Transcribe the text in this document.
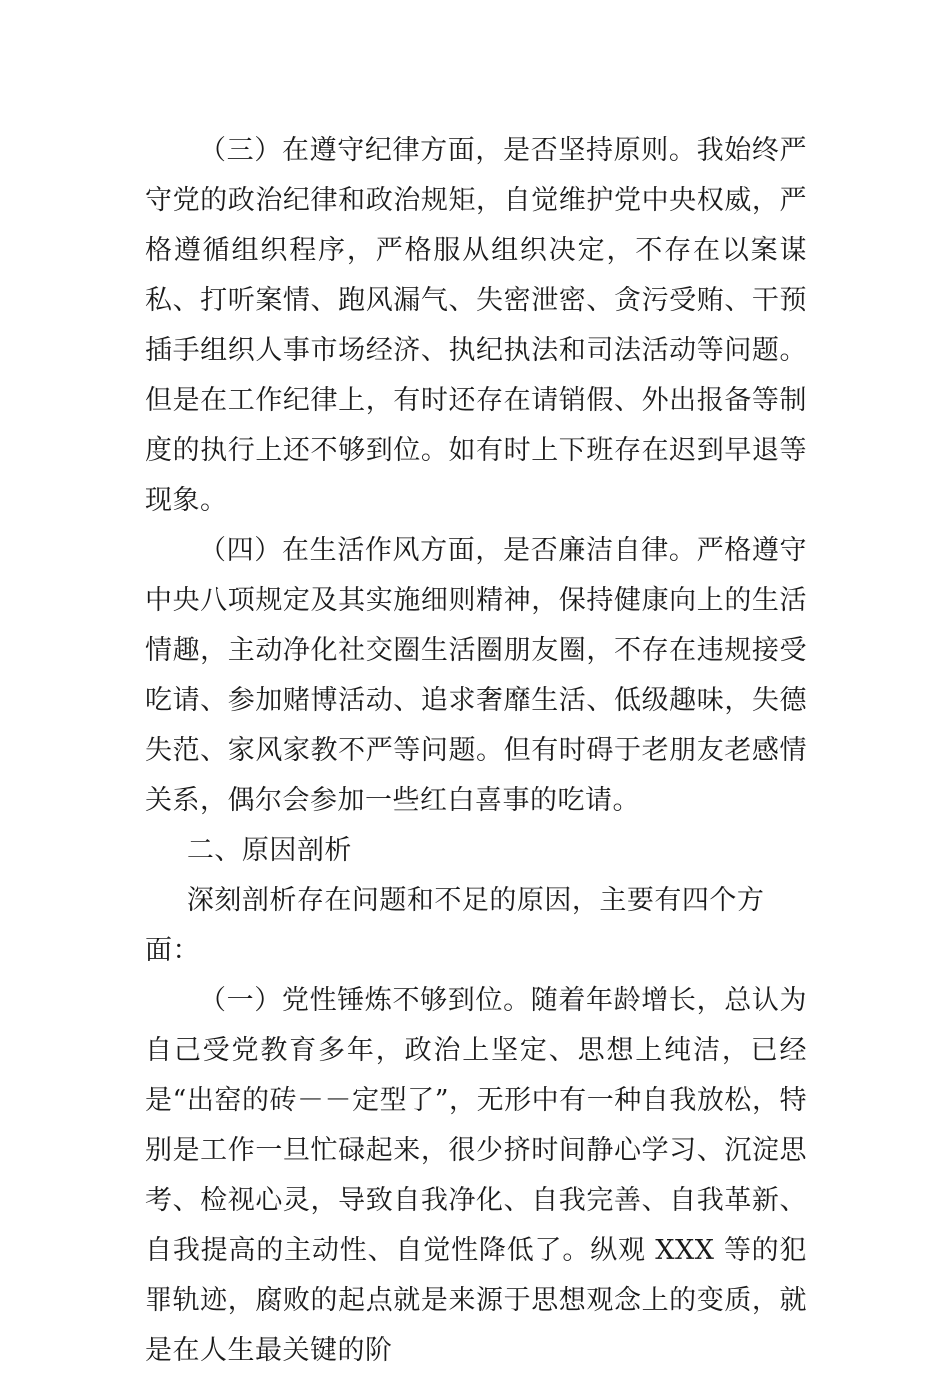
（三）在遵守纪律方面，是否坚持原则。我始终严守党的政治纪律和政治规矩，自觉维护党中央权威，严格遵循组织程序，严格服从组织决定，不存在以案谋私、打听案情、跑风漏气、失密泄密、贪污受贿、干预插手组织人事市场经济、执纪执法和司法活动等问题。但是在工作纪律上，有时还存在请销假、外出报备等制度的执行上还不够到位。如有时上下班存在迟到早退等现象。

（四）在生活作风方面，是否廉洁自律。严格遵守中央八项规定及其实施细则精神，保持健康向上的生活情趣，主动净化社交圈生活圈朋友圈，不存在违规接受吃请、参加赌博活动、追求奢靡生活、低级趣味，失德失范、家风家教不严等问题。但有时碍于老朋友老感情关系，偶尔会参加一些红白喜事的吃请。

二、原因剖析

深刻剖析存在问题和不足的原因，主要有四个方面：

（一）党性锤炼不够到位。随着年龄增长，总认为自己受党教育多年，政治上坚定、思想上纯洁，已经是“出窑的砖－－定型了”，无形中有一种自我放松，特别是工作一旦忙碌起来，很少挤时间静心学习、沉淀思考、检视心灵，导致自我净化、自我完善、自我革新、自我提高的主动性、自觉性降低了。纵观 XXX 等的犯罪轨迹，腐败的起点就是来源于思想观念上的变质，就是在人生最关键的阶
